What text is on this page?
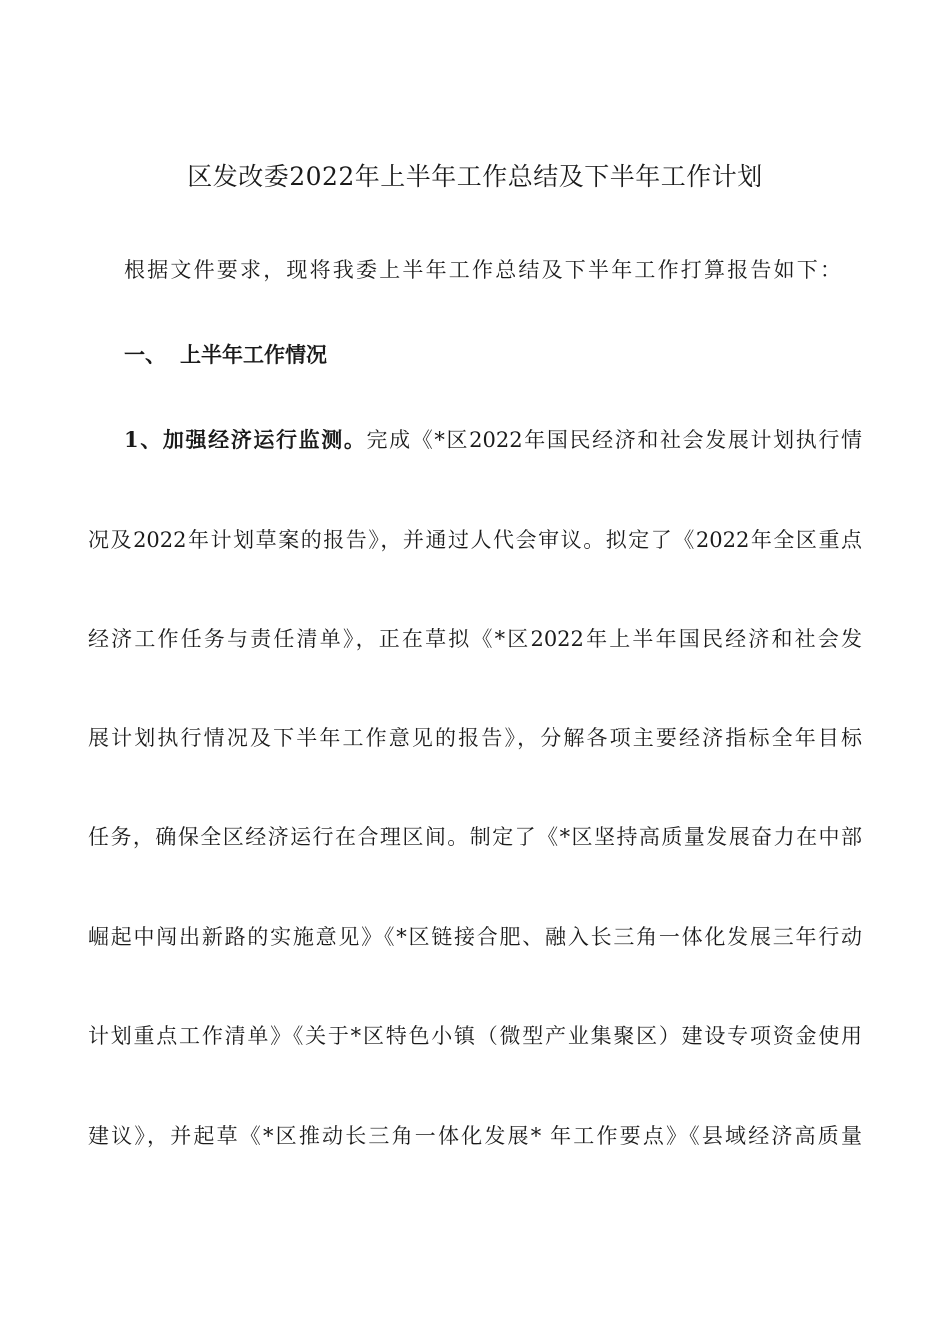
区发改委2022年上半年工作总结及下半年工作计划
根据文件要求，现将我委上半年工作总结及下半年工作打算报告如下：
一、 上半年工作情况
1、加强经济运行监测。完成《*区2022年国民经济和社会发展计划执行情
况及2022年计划草案的报告》，并通过人代会审议。拟定了《2022年全区重点
经济工作任务与责任清单》，正在草拟《*区2022年上半年国民经济和社会发
展计划执行情况及下半年工作意见的报告》，分解各项主要经济指标全年目标
任务，确保全区经济运行在合理区间。制定了《*区坚持高质量发展奋力在中部
崛起中闯出新路的实施意见》《*区链接合肥、融入长三角一体化发展三年行动
计划重点工作清单》《关于*区特色小镇（微型产业集聚区）建设专项资金使用
建议》，并起草《*区推动长三角一体化发展* 年工作要点》《县域经济高质量
